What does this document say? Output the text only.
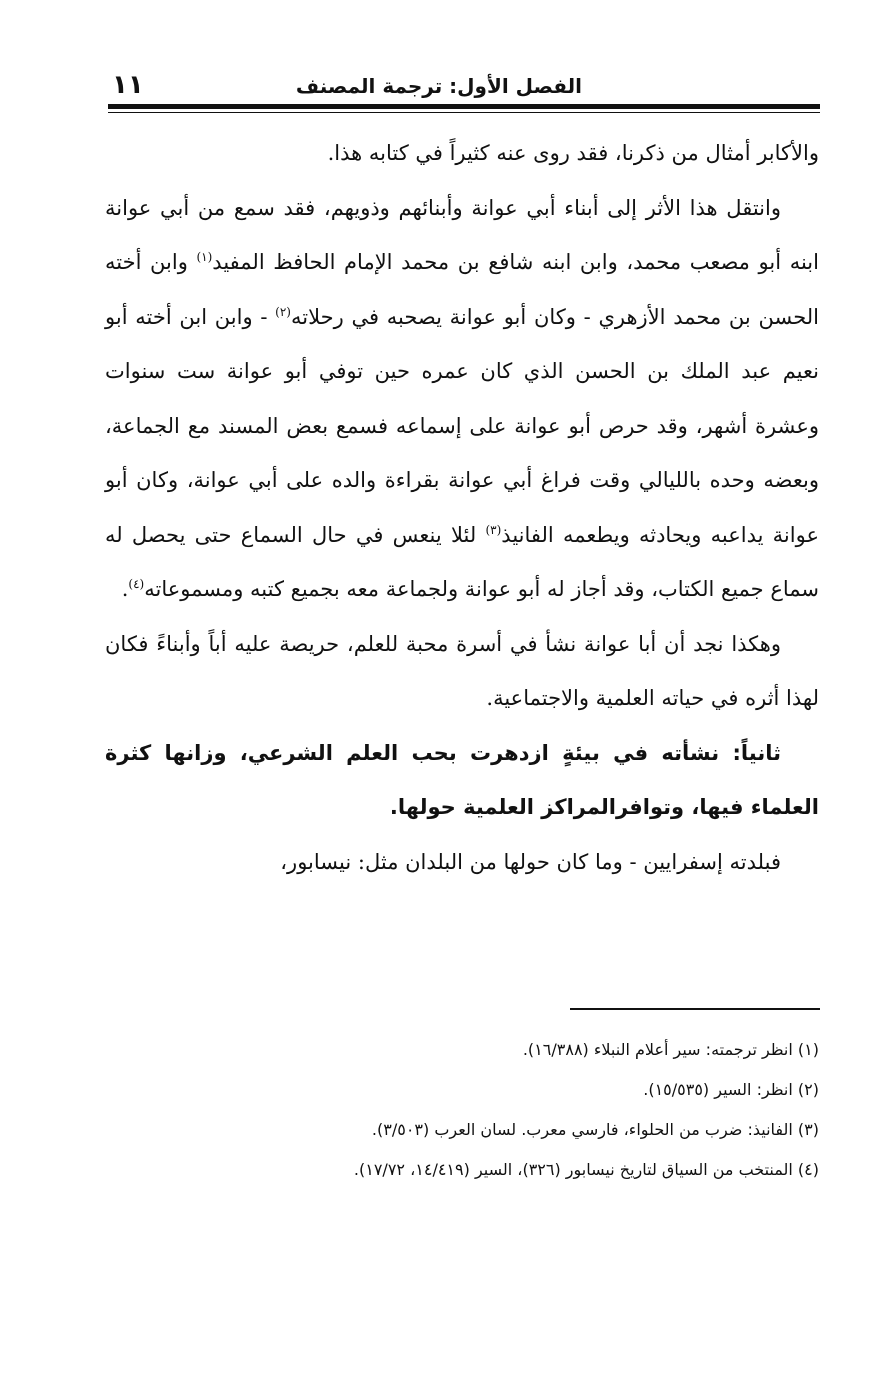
الفصل الأول: ترجمة المصنف
١١

والأكابر أمثال من ذكرنا، فقد روى عنه كثيراً في كتابه هذا.

وانتقل هذا الأثر إلى أبناء أبي عوانة وأبنائهم وذويهم، فقد سمع من أبي عوانة ابنه أبو مصعب محمد، وابن ابنه شافع بن محمد الإمام الحافظ المفيد$^{(١)}$ وابن أخته الحسن بن محمد الأزهري - وكان أبو عوانة يصحبه في رحلاته$^{(٢)}$ - وابن ابن أخته أبو نعيم عبد الملك بن الحسن الذي كان عمره حين توفي أبو عوانة ست سنوات وعشرة أشهر، وقد حرص أبو عوانة على إسماعه فسمع بعض المسند مع الجماعة، وبعضه وحده بالليالي وقت فراغ أبي عوانة بقراءة والده على أبي عوانة، وكان أبو عوانة يداعبه ويحادثه ويطعمه الفانيذ$^{(٣)}$ لئلا ينعس في حال السماع حتى يحصل له سماع جميع الكتاب، وقد أجاز له أبو عوانة ولجماعة معه بجميع كتبه ومسموعاته$^{(٤)}$.

وهكذا نجد أن أبا عوانة نشأ في أسرة محبة للعلم، حريصة عليه أباً وأبناءً فكان لهذا أثره في حياته العلمية والاجتماعية.

ثانياً: نشأته في بيئةٍ ازدهرت بحب العلم الشرعي، وزانها كثرة العلماء فيها، وتوافرالمراكز العلمية حولها.

فبلدته إسفرايين - وما كان حولها من البلدان مثل: نيسابور،

(١) انظر ترجمته: سير أعلام النبلاء (١٦/٣٨٨).

(٢) انظر: السير (١٥/٥٣٥).

(٣) الفانيذ: ضرب من الحلواء، فارسي معرب. لسان العرب (٣/٥٠٣).

(٤) المنتخب من السياق لتاريخ نيسابور (٣٢٦)، السير (١٤/٤١٩، ١٧/٧٢).
